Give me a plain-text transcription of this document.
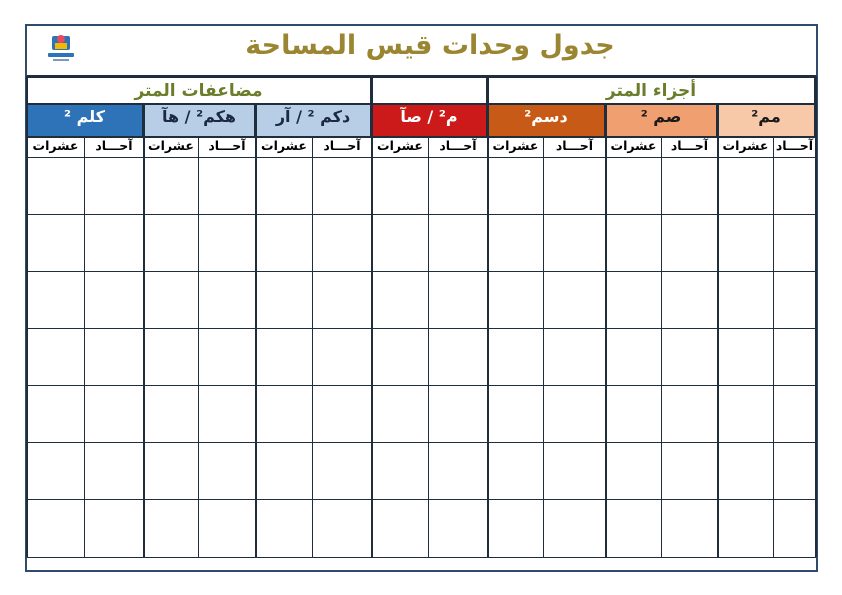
جدول وحدات قيس المساحة
مضاعفات المتر	أجزاء المتر
كلم ²	هكم² / هآ	دكم ² / آر	م² / صآ	دسم²	صم ²	مم²
عشرات	آحـــاد	عشرات	آحـــاد	عشرات	آحـــاد	عشرات	آحـــاد	عشرات	آحـــاد	عشرات	آحـــاد	عشرات آحـــاد
